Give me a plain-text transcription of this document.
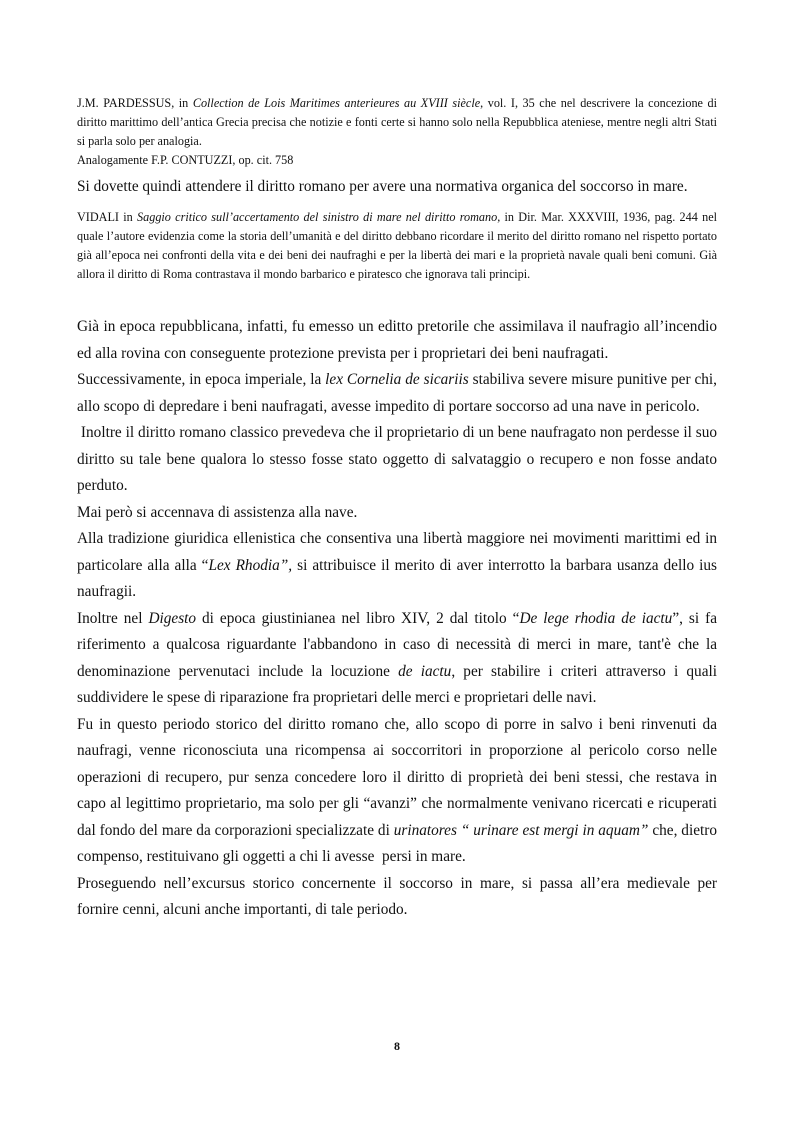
J.M. PARDESSUS, in Collection de Lois Maritimes anterieures au XVIII siècle, vol. I, 35 che nel descrivere la concezione di diritto marittimo dell’antica Grecia precisa che notizie e fonti certe si hanno solo nella Repubblica ateniese, mentre negli altri Stati si parla solo per analogia.

Analogamente F.P. CONTUZZI, op. cit. 758

Si dovette quindi attendere il diritto romano per avere una normativa organica del soccorso in mare.

VIDALI in Saggio critico sull’accertamento del sinistro di mare nel diritto romano, in Dir. Mar. XXXVIII, 1936, pag. 244 nel quale l’autore evidenzia come la storia dell’umanità e del diritto debbano ricordare il merito del diritto romano nel rispetto portato già all’epoca nei confronti della vita e dei beni dei naufraghi e per la libertà dei mari e la proprietà navale quali beni comuni. Già allora il diritto di Roma contrastava il mondo barbarico e piratesco che ignorava tali principi.

Già in epoca repubblicana, infatti, fu emesso un editto pretorile che assimilava il naufragio all’incendio ed alla rovina con conseguente protezione prevista per i proprietari dei beni naufragati.

Successivamente, in epoca imperiale, la lex Cornelia de sicariis stabiliva severe misure punitive per chi, allo scopo di depredare i beni naufragati, avesse impedito di portare soccorso ad una nave in pericolo.

Inoltre il diritto romano classico prevedeva che il proprietario di un bene naufragato non perdesse il suo diritto su tale bene qualora lo stesso fosse stato oggetto di salvataggio o recupero e non fosse andato perduto.

Mai però si accennava di assistenza alla nave.

Alla tradizione giuridica ellenistica che consentiva una libertà maggiore nei movimenti marittimi ed in particolare alla alla “Lex Rhodia”, si attribuisce il merito di aver interrotto la barbara usanza dello ius naufragii.

Inoltre nel Digesto di epoca giustinianea nel libro XIV, 2 dal titolo “De lege rhodia de iactu”, si fa riferimento a qualcosa riguardante l'abbandono in caso di necessità di merci in mare, tant'è che la denominazione pervenutaci include la locuzione de iactu, per stabilire i criteri attraverso i quali suddividere le spese di riparazione fra proprietari delle merci e proprietari delle navi.

Fu in questo periodo storico del diritto romano che, allo scopo di porre in salvo i beni rinvenuti da naufragi, venne riconosciuta una ricompensa ai soccorritori in proporzione al pericolo corso nelle operazioni di recupero, pur senza concedere loro il diritto di proprietà dei beni stessi, che restava in capo al legittimo proprietario, ma solo per gli “avanzi” che normalmente venivano ricercati e ricuperati dal fondo del mare da corporazioni specializzate di urinatores “ urinare est mergi in aquam” che, dietro compenso, restituivano gli oggetti a chi li avesse  persi in mare.

Proseguendo nell’excursus storico concernente il soccorso in mare, si passa all’era medievale per fornire cenni, alcuni anche importanti, di tale periodo.

8
